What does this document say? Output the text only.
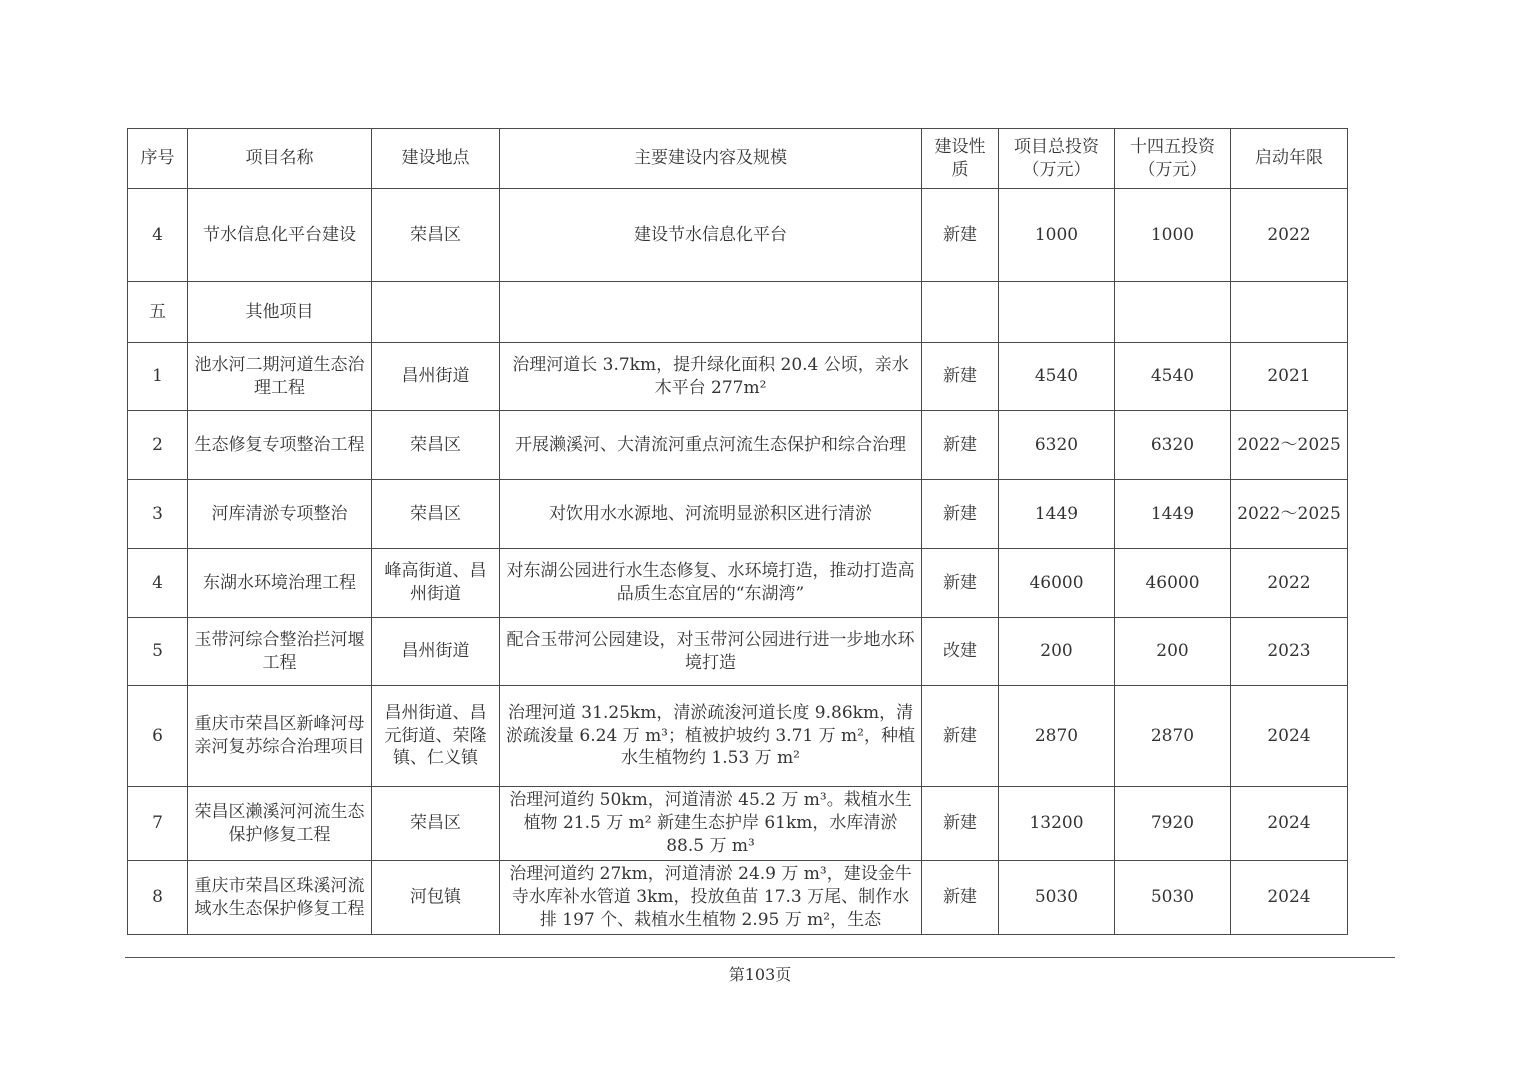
序号	项目名称	建设地点	主要建设内容及规模	建设性质	项目总投资（万元）	十四五投资（万元）	启动年限
4	节水信息化平台建设	荣昌区	建设节水信息化平台	新建	1000	1000	2022
五	其他项目						
1	池水河二期河道生态治理工程	昌州街道	治理河道长 3.7km，提升绿化面积 20.4 公顷，亲水木平台 277m²	新建	4540	4540	2021
2	生态修复专项整治工程	荣昌区	开展濑溪河、大清流河重点河流生态保护和综合治理	新建	6320	6320	2022～2025
3	河库清淤专项整治	荣昌区	对饮用水水源地、河流明显淤积区进行清淤	新建	1449	1449	2022～2025
4	东湖水环境治理工程	峰高街道、昌州街道	对东湖公园进行水生态修复、水环境打造，推动打造高品质生态宜居的“东湖湾”	新建	46000	46000	2022
5	玉带河综合整治拦河堰工程	昌州街道	配合玉带河公园建设，对玉带河公园进行进一步地水环境打造	改建	200	200	2023
6	重庆市荣昌区新峰河母亲河复苏综合治理项目	昌州街道、昌元街道、荣隆镇、仁义镇	治理河道 31.25km，清淤疏浚河道长度 9.86km，清淤疏浚量 6.24 万 m³；植被护坡约 3.71 万 m²，种植水生植物约 1.53 万 m²	新建	2870	2870	2024
7	荣昌区濑溪河河流生态保护修复工程	荣昌区	治理河道约 50km，河道清淤 45.2 万 m³。栽植水生植物 21.5 万 m² 新建生态护岸 61km，水库清淤 88.5 万 m³	新建	13200	7920	2024
8	重庆市荣昌区珠溪河流域水生态保护修复工程	河包镇	治理河道约 27km，河道清淤 24.9 万 m³，建设金牛寺水库补水管道 3km，投放鱼苗 17.3 万尾、制作水排 197 个、栽植水生植物 2.95 万 m²，生态	新建	5030	5030	2024
第103页
